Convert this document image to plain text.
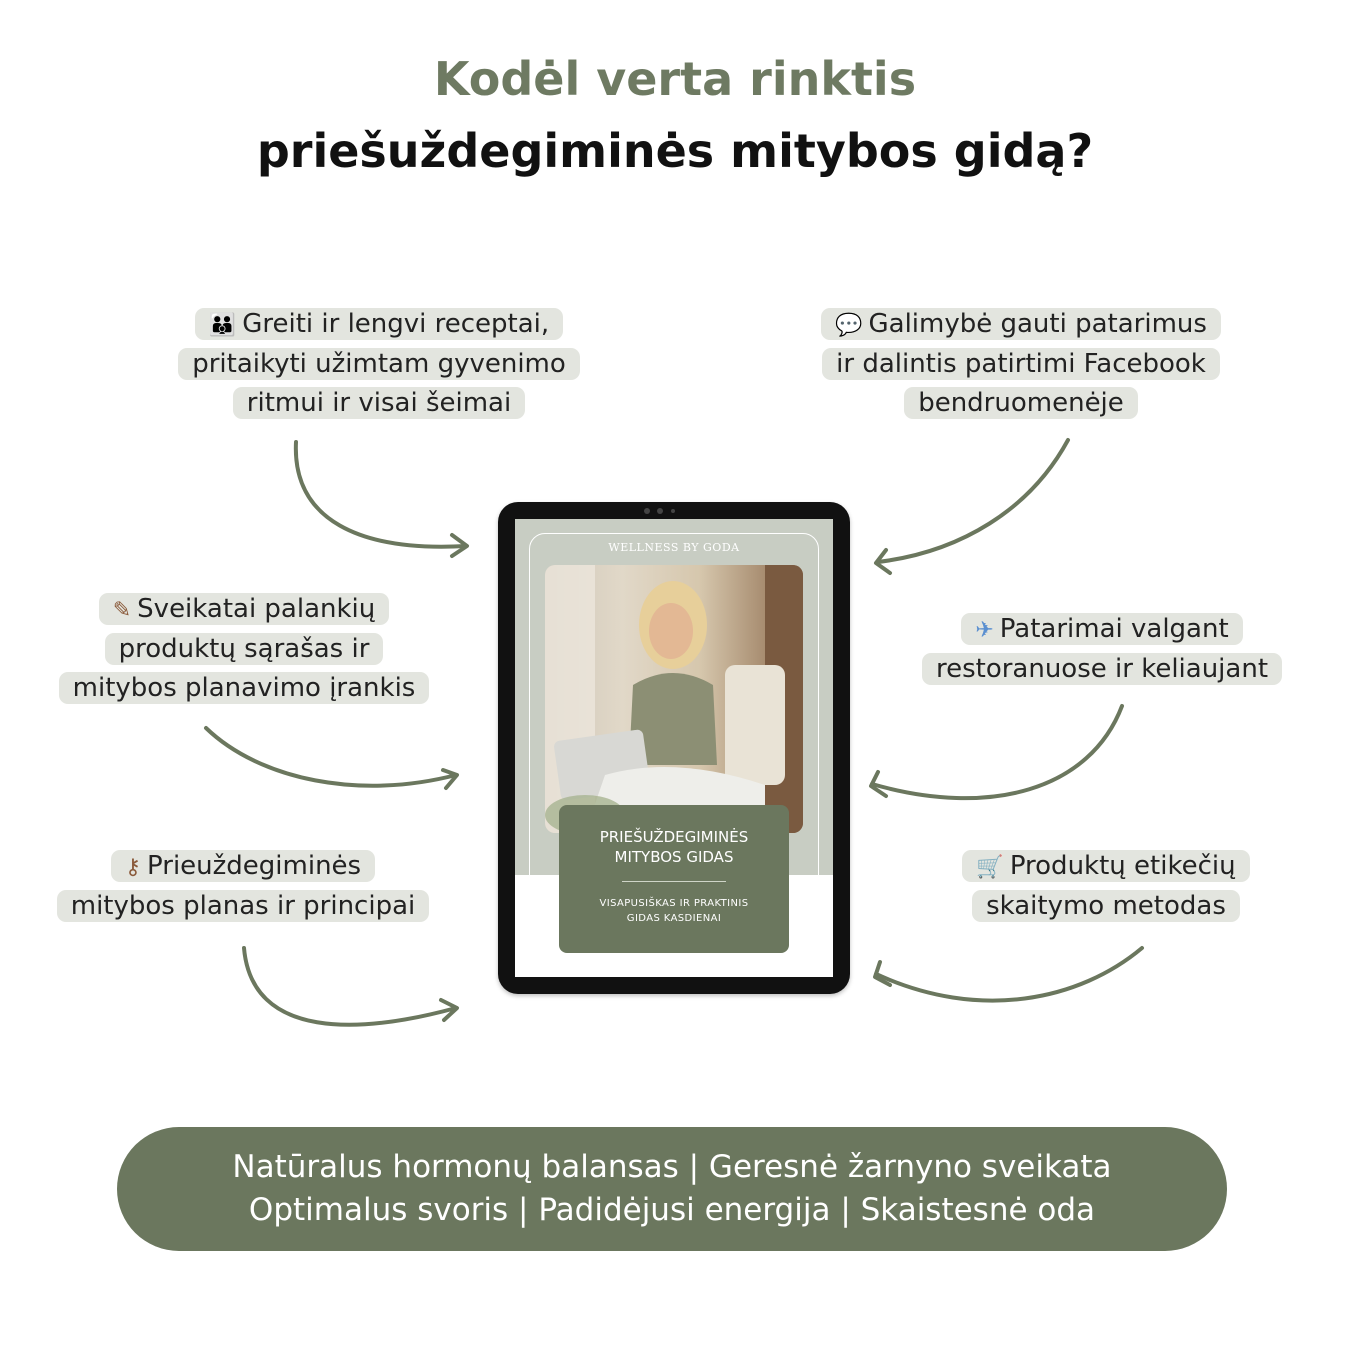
Kodėl verta rinktis
priešuždegiminės mitybos gidą?
👪 Greiti ir lengvi receptai,
pritaikyti užimtam gyvenimo
ritmui ir visai šeimai
✎ Sveikatai palankių
produktų sąrašas ir
mitybos planavimo įrankis
⚷ Prieuždegiminės
mitybos planas ir principai
💬 Galimybė gauti patarimus
ir dalintis patirtimi Facebook
bendruomenėje
✈ Patarimai valgant
restoranuose ir keliaujant
🛒 Produktų etikečių
skaitymo metodas
WELLNESS BY GODA
PRIEŠUŽDEGIMINĖS
MITYBOS GIDAS
VISAPUSIŠKAS IR PRAKTINIS
GIDAS KASDIENAI
Natūralus hormonų balansas | Geresnė žarnyno sveikata
Optimalus svoris | Padidėjusi energija | Skaistesnė oda
